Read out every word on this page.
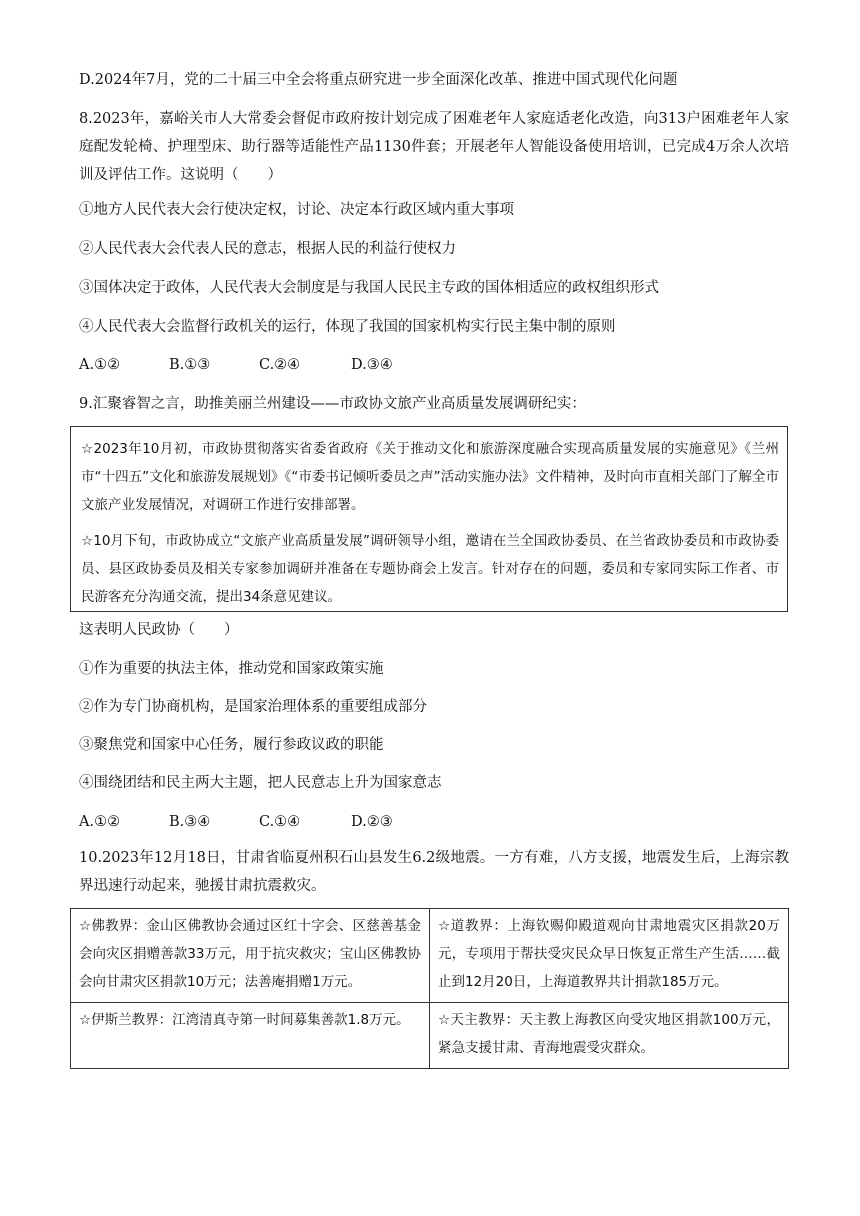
D.2024年7月，党的二十届三中全会将重点研究进一步全面深化改革、推进中国式现代化问题
8.2023年，嘉峪关市人大常委会督促市政府按计划完成了困难老年人家庭适老化改造，向313户困难老年人家庭配发轮椅、护理型床、助行器等适能性产品1130件套；开展老年人智能设备使用培训，已完成4万余人次培训及评估工作。这说明（　　）
①地方人民代表大会行使决定权，讨论、决定本行政区域内重大事项
②人民代表大会代表人民的意志，根据人民的利益行使权力
③国体决定于政体，人民代表大会制度是与我国人民民主专政的国体相适应的政权组织形式
④人民代表大会监督行政机关的运行，体现了我国的国家机构实行民主集中制的原则
A.①②	B.①③	C.②④	D.③④
9.汇聚睿智之言，助推美丽兰州建设——市政协文旅产业高质量发展调研纪实：

☆2023年10月初，市政协贯彻落实省委省政府《关于推动文化和旅游深度融合实现高质量发展的实施意见》《兰州市“十四五”文化和旅游发展规划》《“市委书记倾听委员之声”活动实施办法》文件精神，及时向市直相关部门了解全市文旅产业发展情况，对调研工作进行安排部署。

☆10月下旬，市政协成立“文旅产业高质量发展”调研领导小组，邀请在兰全国政协委员、在兰省政协委员和市政协委员、县区政协委员及相关专家参加调研并准备在专题协商会上发言。针对存在的问题，委员和专家同实际工作者、市民游客充分沟通交流，提出34条意见建议。

这表明人民政协（　　）
①作为重要的执法主体，推动党和国家政策实施
②作为专门协商机构，是国家治理体系的重要组成部分
③聚焦党和国家中心任务，履行参政议政的职能
④围绕团结和民主两大主题，把人民意志上升为国家意志
A.①②	B.③④	C.①④	D.②③
10.2023年12月18日，甘肃省临夏州积石山县发生6.2级地震。一方有难，八方支援，地震发生后，上海宗教界迅速行动起来，驰援甘肃抗震救灾。
☆佛教界：金山区佛教协会通过区红十字会、区慈善基金会向灾区捐赠善款33万元，用于抗灾救灾；宝山区佛教协会向甘肃灾区捐款10万元；法善庵捐赠1万元。	☆道教界：上海钦赐仰殿道观向甘肃地震灾区捐款20万元，专项用于帮扶受灾民众早日恢复正常生产生活……截止到12月20日，上海道教界共计捐款185万元。
☆伊斯兰教界：江湾清真寺第一时间募集善款1.8万元。	☆天主教界：天主教上海教区向受灾地区捐款100万元，紧急支援甘肃、青海地震受灾群众。
